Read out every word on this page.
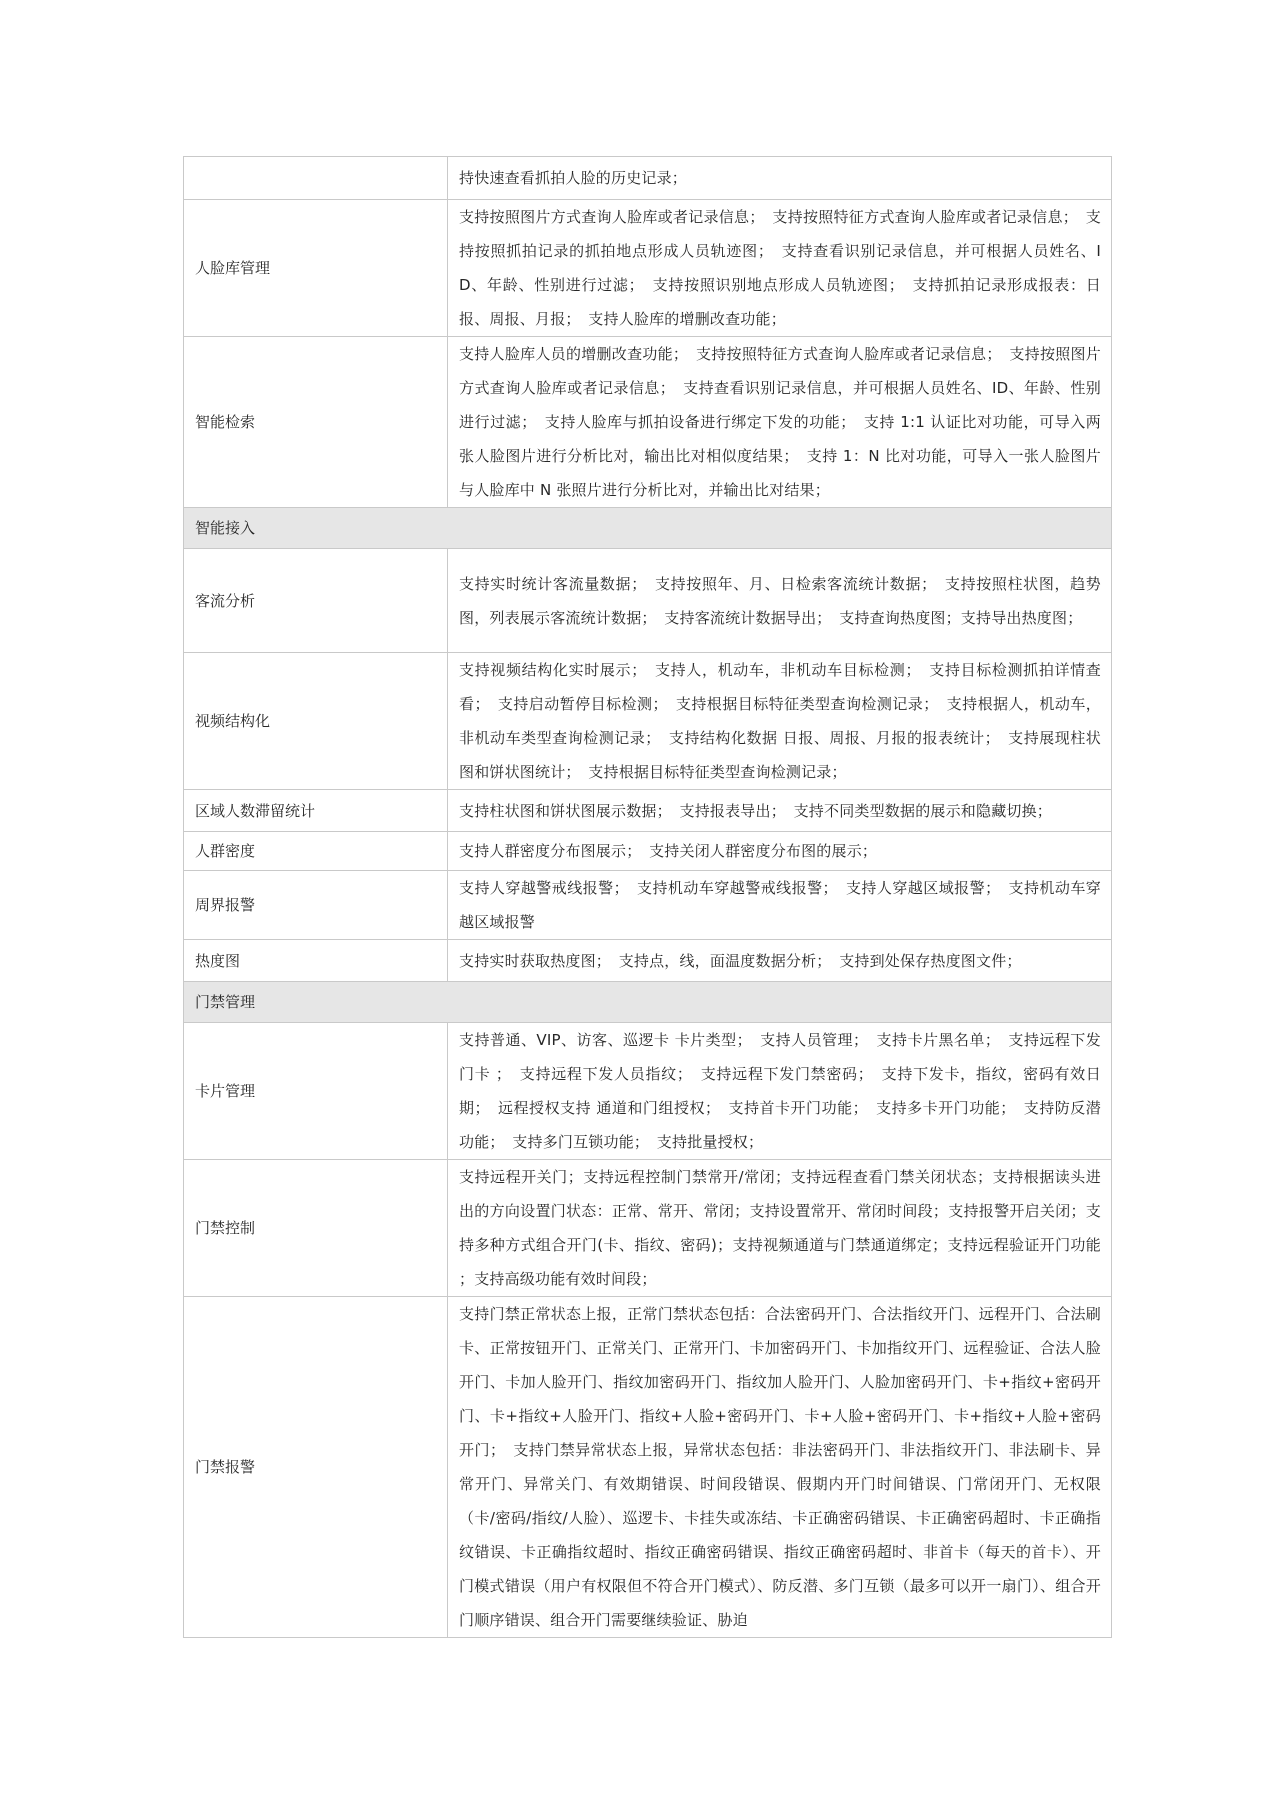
	持快速查看抓拍人脸的历史记录；
人脸库管理	支持按照图片方式查询人脸库或者记录信息；　支持按照特征方式查询人脸库或者记录信息；　支持按照抓拍记录的抓拍地点形成人员轨迹图；　支持查看识别记录信息，并可根据人员姓名、ID、年龄、性别进行过滤；　支持按照识别地点形成人员轨迹图；　支持抓拍记录形成报表：日报、周报、月报；　支持人脸库的增删改查功能；
智能检索	支持人脸库人员的增删改查功能；　支持按照特征方式查询人脸库或者记录信息；　支持按照图片方式查询人脸库或者记录信息；　支持查看识别记录信息，并可根据人员姓名、ID、年龄、性别进行过滤；　支持人脸库与抓拍设备进行绑定下发的功能；　支持 1:1 认证比对功能，可导入两张人脸图片进行分析比对，输出比对相似度结果；　支持 1：N 比对功能，可导入一张人脸图片与人脸库中 N 张照片进行分析比对，并输出比对结果；
智能接入	
客流分析	支持实时统计客流量数据；　支持按照年、月、日检索客流统计数据；　支持按照柱状图，趋势图，列表展示客流统计数据；　支持客流统计数据导出；　支持查询热度图；支持导出热度图；
视频结构化	支持视频结构化实时展示；　支持人，机动车，非机动车目标检测；　支持目标检测抓拍详情查看；　支持启动暂停目标检测；　支持根据目标特征类型查询检测记录；　支持根据人，机动车，非机动车类型查询检测记录；　支持结构化数据 日报、周报、月报的报表统计；　支持展现柱状图和饼状图统计；　支持根据目标特征类型查询检测记录；
区域人数滞留统计	支持柱状图和饼状图展示数据；　支持报表导出；　支持不同类型数据的展示和隐藏切换；
人群密度	支持人群密度分布图展示；　支持关闭人群密度分布图的展示；
周界报警	支持人穿越警戒线报警；　支持机动车穿越警戒线报警；　支持人穿越区域报警；　支持机动车穿越区域报警
热度图	支持实时获取热度图；　支持点，线，面温度数据分析；　支持到处保存热度图文件；
门禁管理	
卡片管理	支持普通、VIP、访客、巡逻卡 卡片类型；　支持人员管理；　支持卡片黑名单；　支持远程下发门卡 ；　支持远程下发人员指纹；　支持远程下发门禁密码；　支持下发卡，指纹，密码有效日期；　远程授权支持 通道和门组授权；　支持首卡开门功能；　支持多卡开门功能；　支持防反潜功能；　支持多门互锁功能；　支持批量授权；
门禁控制	支持远程开关门；支持远程控制门禁常开/常闭；支持远程查看门禁关闭状态；支持根据读头进出的方向设置门状态：正常、常开、常闭；支持设置常开、常闭时间段；支持报警开启关闭；支持多种方式组合开门(卡、指纹、密码)；支持视频通道与门禁通道绑定；支持远程验证开门功能 ；支持高级功能有效时间段；
门禁报警	支持门禁正常状态上报，正常门禁状态包括：合法密码开门、合法指纹开门、远程开门、合法刷卡、正常按钮开门、正常关门、正常开门、卡加密码开门、卡加指纹开门、远程验证、合法人脸开门、卡加人脸开门、指纹加密码开门、指纹加人脸开门、人脸加密码开门、卡+指纹+密码开门、卡+指纹+人脸开门、指纹+人脸+密码开门、卡+人脸+密码开门、卡+指纹+人脸+密码开门；　支持门禁异常状态上报，异常状态包括：非法密码开门、非法指纹开门、非法刷卡、异常开门、异常关门、有效期错误、时间段错误、假期内开门时间错误、门常闭开门、无权限（卡/密码/指纹/人脸）、巡逻卡、卡挂失或冻结、卡正确密码错误、卡正确密码超时、卡正确指纹错误、卡正确指纹超时、指纹正确密码错误、指纹正确密码超时、非首卡（每天的首卡）、开门模式错误（用户有权限但不符合开门模式）、防反潜、多门互锁（最多可以开一扇门）、组合开门顺序错误、组合开门需要继续验证、胁迫
